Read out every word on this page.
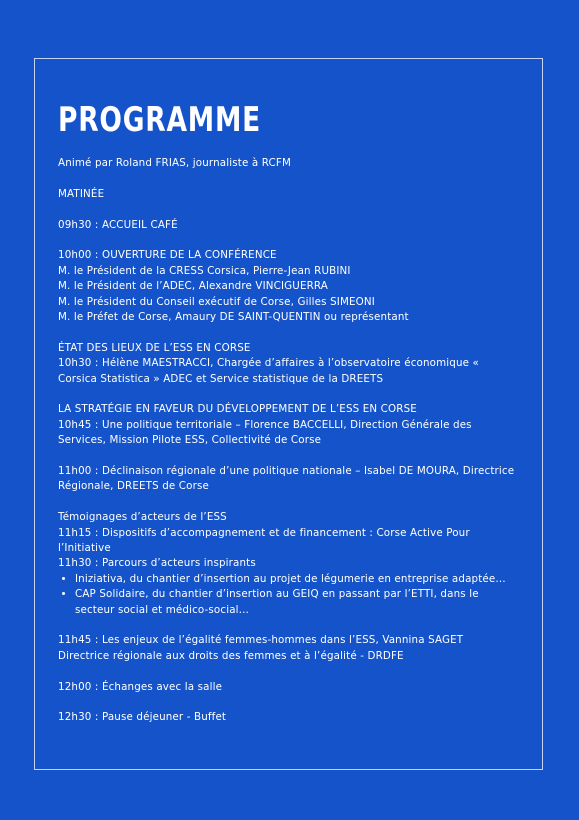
PROGRAMME

Animé par Roland FRIAS, journaliste à RCFM

MATINÉE

09h30 : ACCUEIL CAFÉ

10h00 : OUVERTURE DE LA CONFÉRENCE
M. le Président de la CRESS Corsica, Pierre-Jean RUBINI
M. le Président de l’ADEC, Alexandre VINCIGUERRA
M. le Président du Conseil exécutif de Corse, Gilles SIMEONI
M. le Préfet de Corse, Amaury DE SAINT-QUENTIN ou représentant

ÉTAT DES LIEUX DE L’ESS EN CORSE
10h30 : Hélène MAESTRACCI, Chargée d’affaires à l’observatoire économique « Corsica Statistica » ADEC et Service statistique de la DREETS

LA STRATÉGIE EN FAVEUR DU DÉVELOPPEMENT DE L’ESS EN CORSE
10h45 : Une politique territoriale – Florence BACCELLI, Direction Générale des Services, Mission Pilote ESS, Collectivité de Corse

11h00 : Déclinaison régionale d’une politique nationale – Isabel DE MOURA, Directrice Régionale, DREETS de Corse

Témoignages d’acteurs de l’ESS
11h15 : Dispositifs d’accompagnement et de financement : Corse Active Pour l’Initiative
11h30 : Parcours d’acteurs inspirants

• Iniziativa, du chantier d’insertion au projet de légumerie en entreprise adaptée…
• CAP Solidaire, du chantier d’insertion au GEIQ en passant par l’ETTI, dans le secteur social et médico-social…

11h45 : Les enjeux de l’égalité femmes-hommes dans l’ESS, Vannina SAGET Directrice régionale aux droits des femmes et à l’égalité - DRDFE

12h00 : Échanges avec la salle

12h30 : Pause déjeuner - Buffet
